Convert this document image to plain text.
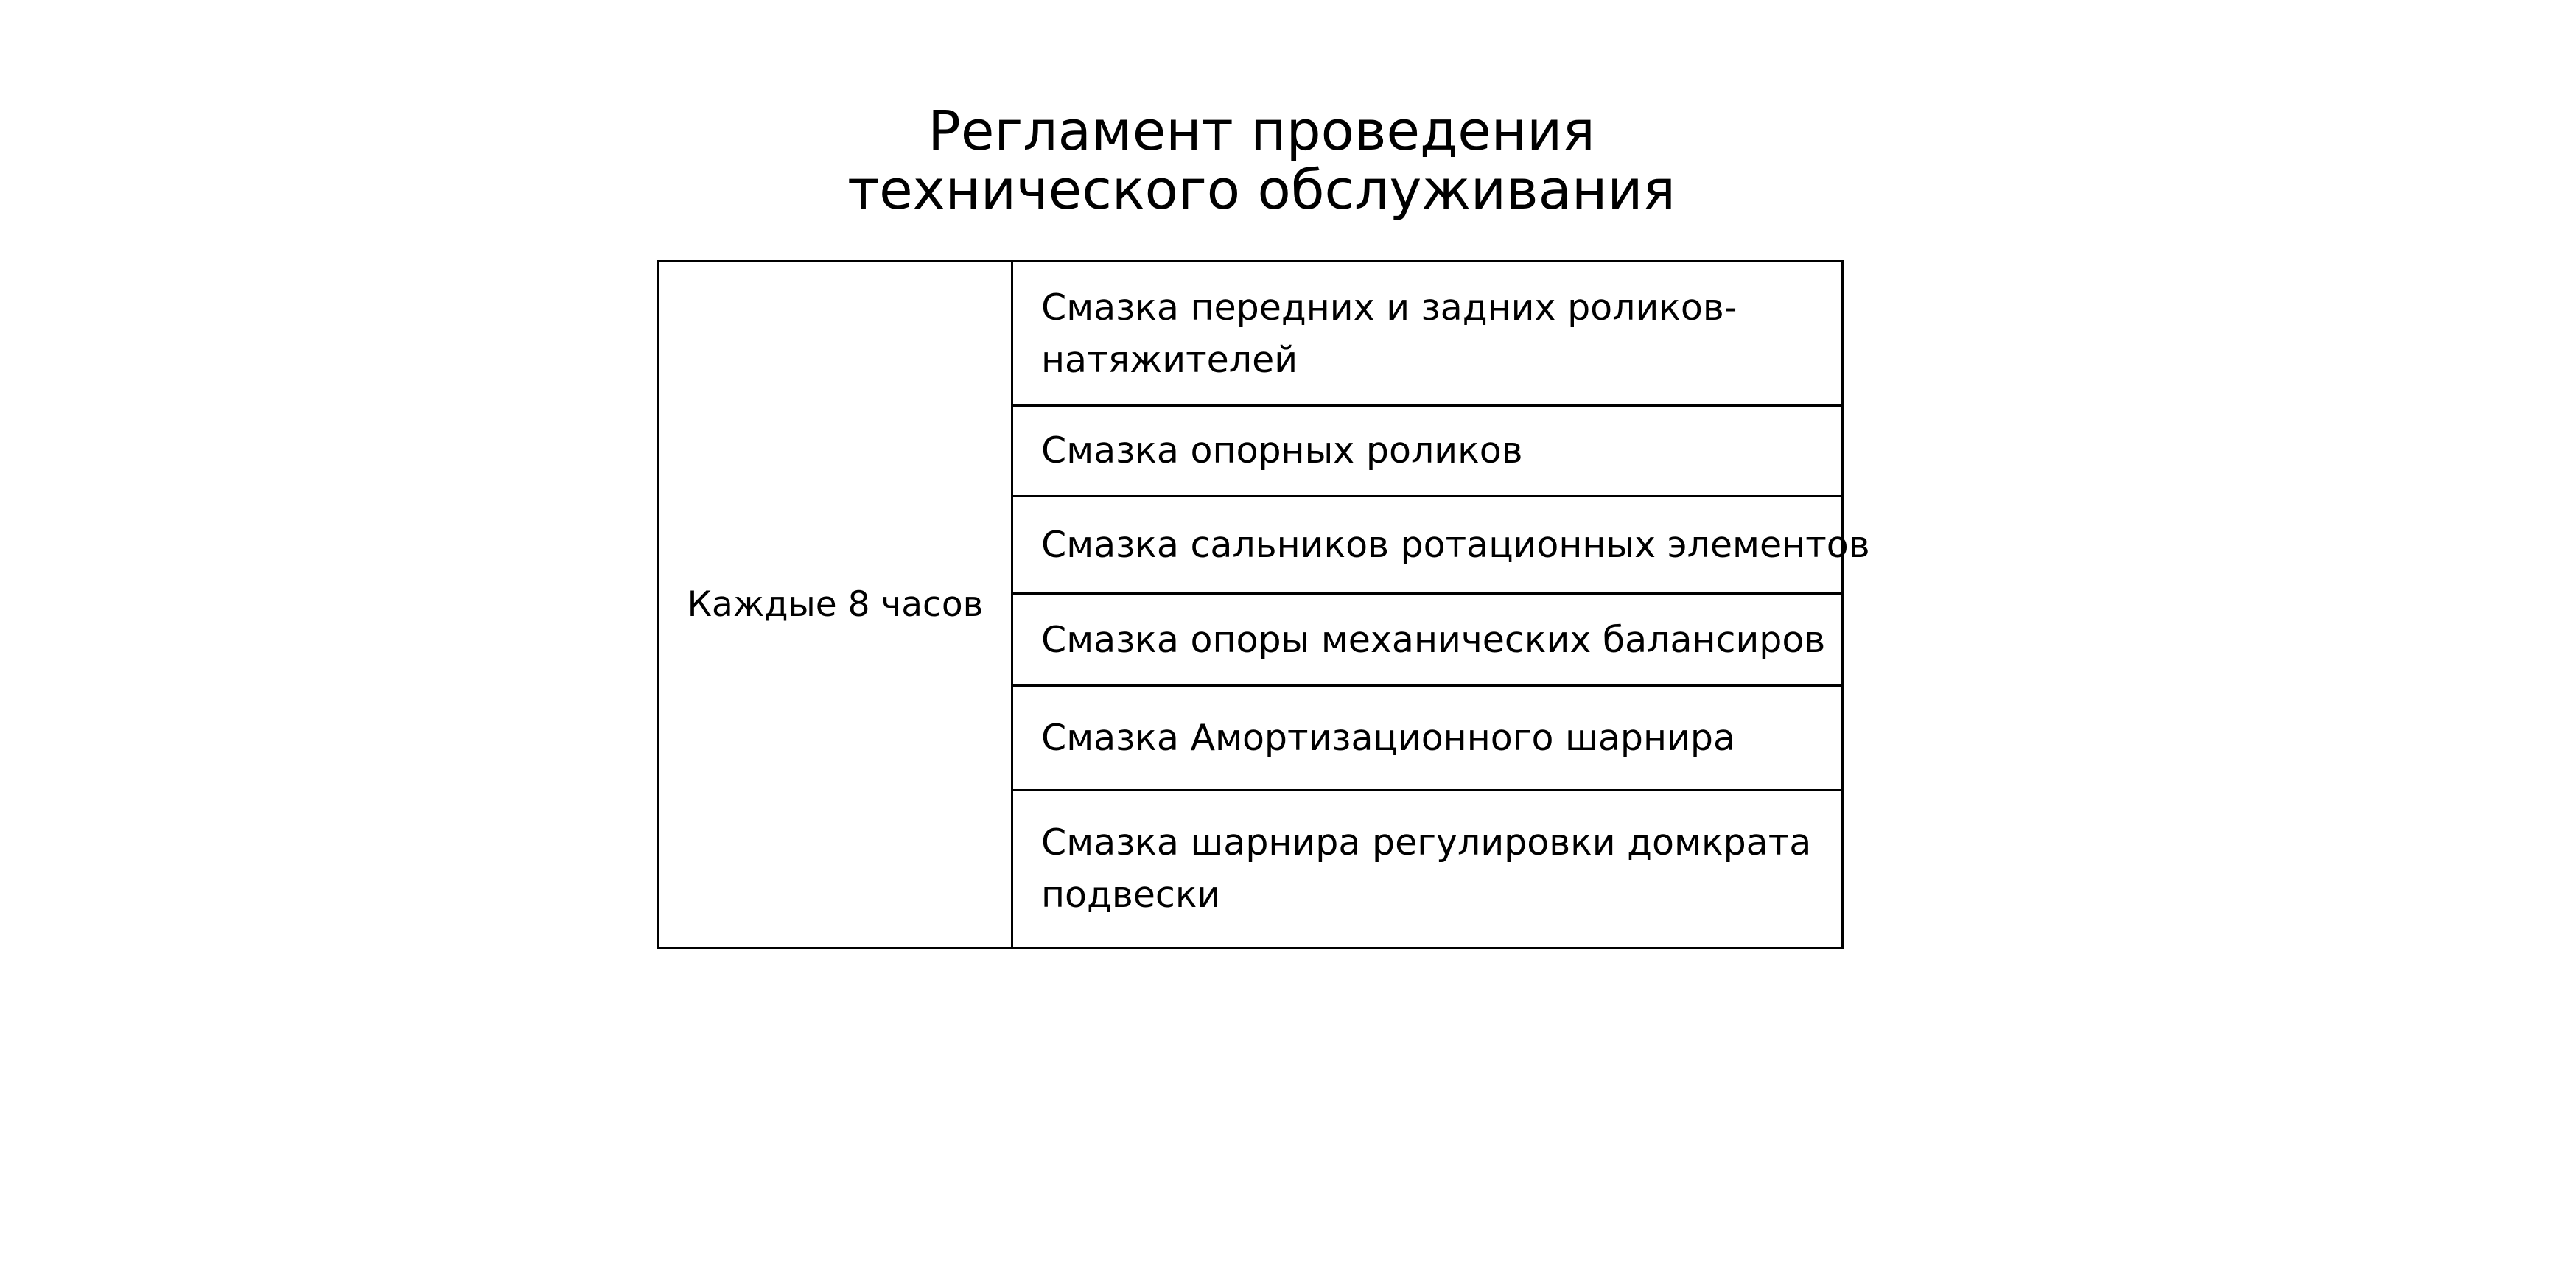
Регламент проведения
технического обслуживания
Каждые 8 часов	Смазка передних и задних роликов-натяжителей
Смазка опорных роликов
Смазка сальников ротационных элементов
Смазка опоры механических балансиров
Смазка Амортизационного шарнира
Смазка шарнира регулировки домкрата подвески
